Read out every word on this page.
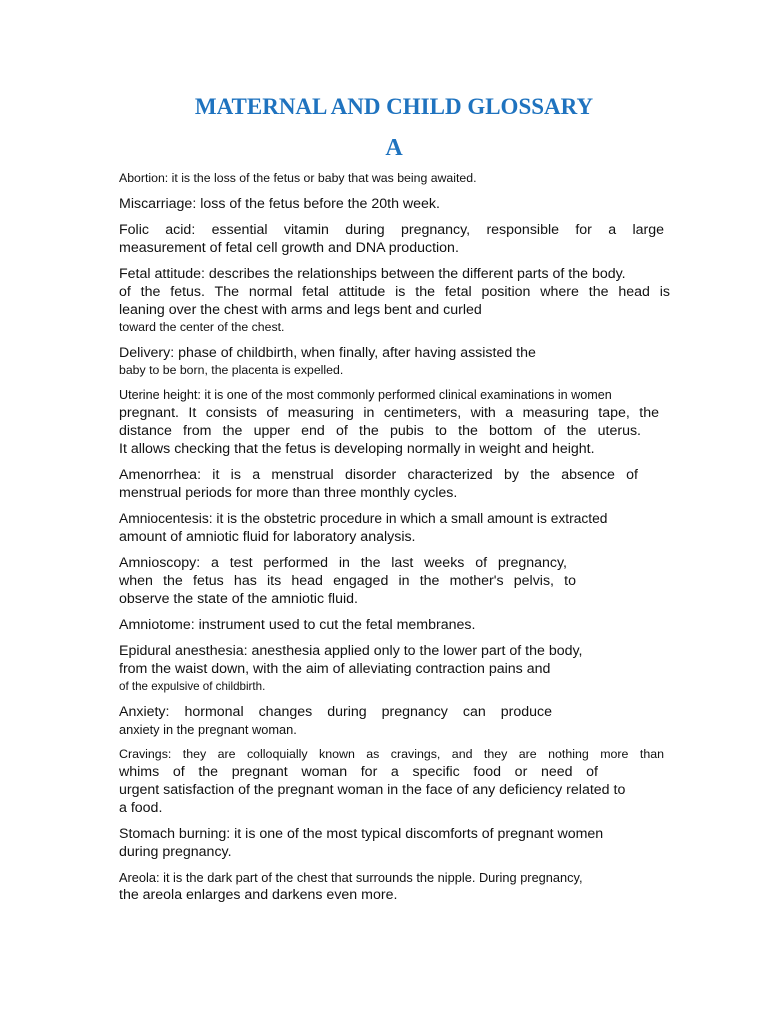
MATERNAL AND CHILD GLOSSARY
A
Abortion: it is the loss of the fetus or baby that was being awaited.
Miscarriage: loss of the fetus before the 20th week.
Folic acid: essential vitamin during pregnancy, responsible for a large
measurement of fetal cell growth and DNA production.
Fetal attitude: describes the relationships between the different parts of the body.
of the fetus. The normal fetal attitude is the fetal position where the head is
leaning over the chest with arms and legs bent and curled
toward the center of the chest.
Delivery: phase of childbirth, when finally, after having assisted the
baby to be born, the placenta is expelled.
Uterine height: it is one of the most commonly performed clinical examinations in women
pregnant. It consists of measuring in centimeters, with a measuring tape, the
distance from the upper end of the pubis to the bottom of the uterus.
It allows checking that the fetus is developing normally in weight and height.
Amenorrhea: it is a menstrual disorder characterized by the absence of
menstrual periods for more than three monthly cycles.
Amniocentesis: it is the obstetric procedure in which a small amount is extracted
amount of amniotic fluid for laboratory analysis.
Amnioscopy: a test performed in the last weeks of pregnancy,
when the fetus has its head engaged in the mother's pelvis, to
observe the state of the amniotic fluid.
Amniotome: instrument used to cut the fetal membranes.
Epidural anesthesia: anesthesia applied only to the lower part of the body,
from the waist down, with the aim of alleviating contraction pains and
of the expulsive of childbirth.
Anxiety: hormonal changes during pregnancy can produce
anxiety in the pregnant woman.
Cravings: they are colloquially known as cravings, and they are nothing more than
whims of the pregnant woman for a specific food or need of
urgent satisfaction of the pregnant woman in the face of any deficiency related to
a food.
Stomach burning: it is one of the most typical discomforts of pregnant women
during pregnancy.
Areola: it is the dark part of the chest that surrounds the nipple. During pregnancy,
the areola enlarges and darkens even more.
